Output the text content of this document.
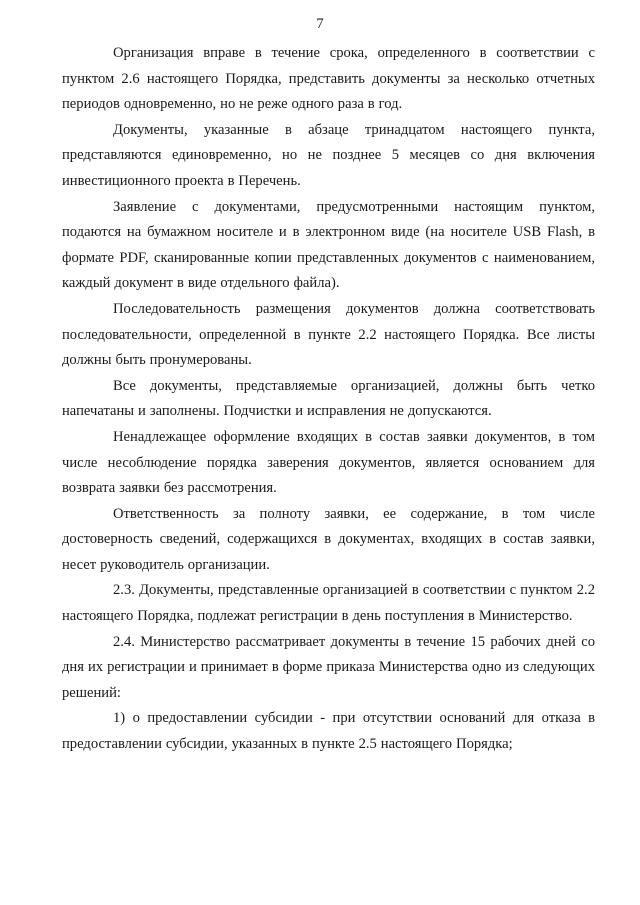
7

Организация вправе в течение срока, определенного в соответствии с пунктом 2.6 настоящего Порядка, представить документы за несколько отчетных периодов одновременно, но не реже одного раза в год.

Документы, указанные в абзаце тринадцатом настоящего пункта, представляются единовременно, но не позднее 5 месяцев со дня включения инвестиционного проекта в Перечень.

Заявление с документами, предусмотренными настоящим пунктом, подаются на бумажном носителе и в электронном виде (на носителе USB Flash, в формате PDF, сканированные копии представленных документов с наименованием, каждый документ в виде отдельного файла).

Последовательность размещения документов должна соответствовать последовательности, определенной в пункте 2.2 настоящего Порядка. Все листы должны быть пронумерованы.

Все документы, представляемые организацией, должны быть четко напечатаны и заполнены. Подчистки и исправления не допускаются.

Ненадлежащее оформление входящих в состав заявки документов, в том числе несоблюдение порядка заверения документов, является основанием для возврата заявки без рассмотрения.

Ответственность за полноту заявки, ее содержание, в том числе достоверность сведений, содержащихся в документах, входящих в состав заявки, несет руководитель организации.

2.3. Документы, представленные организацией в соответствии с пунктом 2.2 настоящего Порядка, подлежат регистрации в день поступления в Министерство.

2.4. Министерство рассматривает документы в течение 15 рабочих дней со дня их регистрации и принимает в форме приказа Министерства одно из следующих решений:

1) о предоставлении субсидии - при отсутствии оснований для отказа в предоставлении субсидии, указанных в пункте 2.5 настоящего Порядка;
